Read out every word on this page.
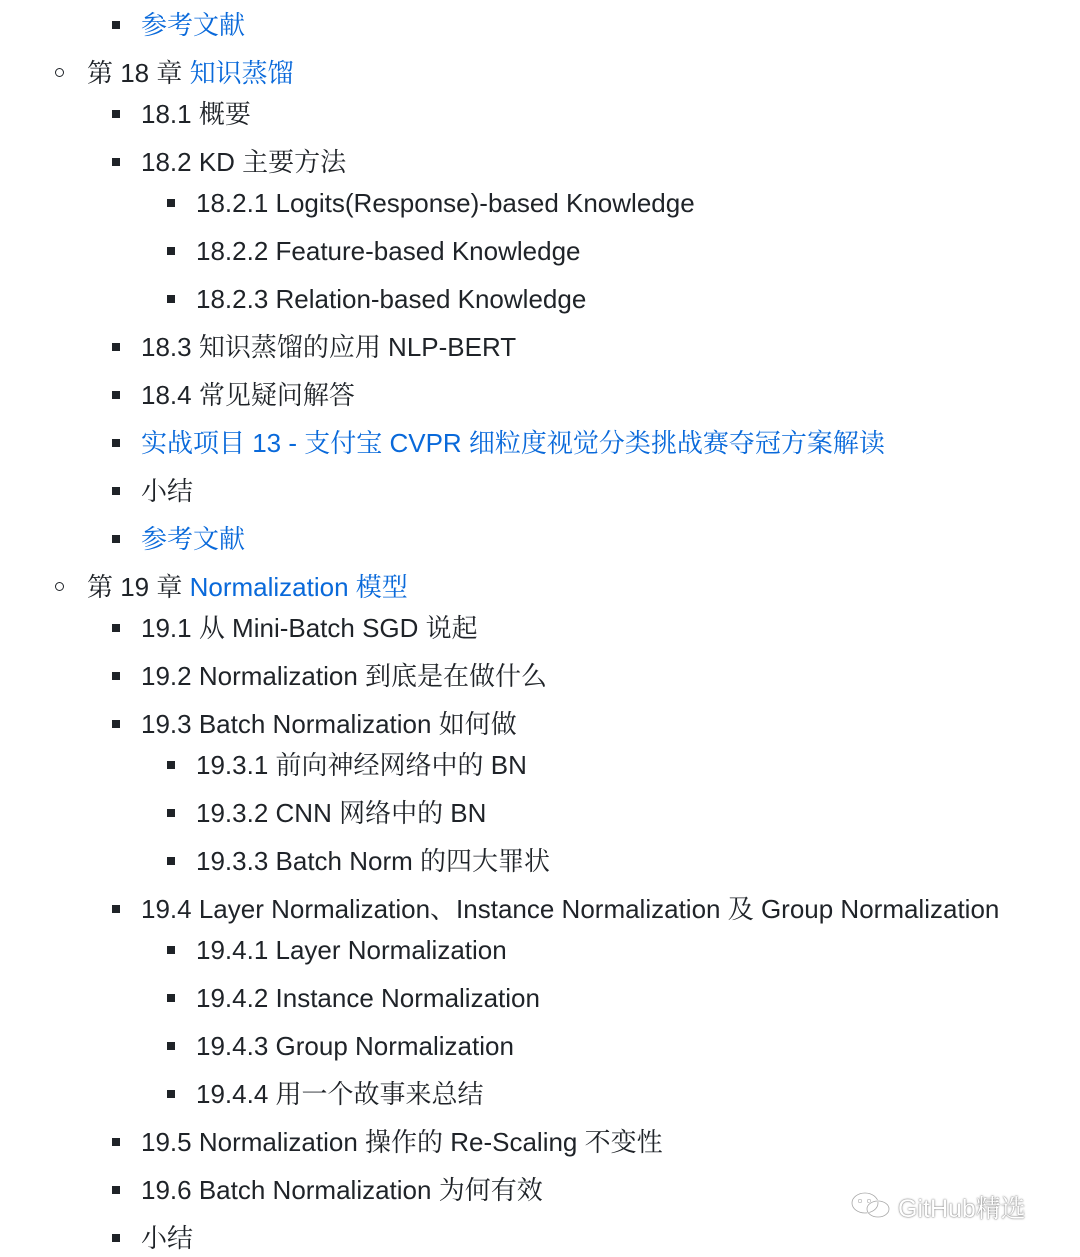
参考文献
第 18 章 知识蒸馏
18.1 概要
18.2 KD 主要方法
18.2.1 Logits(Response)-based Knowledge
18.2.2 Feature-based Knowledge
18.2.3 Relation-based Knowledge
18.3 知识蒸馏的应用 NLP-BERT
18.4 常见疑问解答
实战项目 13 - 支付宝 CVPR 细粒度视觉分类挑战赛夺冠方案解读
小结
参考文献
第 19 章 Normalization 模型
19.1 从 Mini-Batch SGD 说起
19.2 Normalization 到底是在做什么
19.3 Batch Normalization 如何做
19.3.1 前向神经网络中的 BN
19.3.2 CNN 网络中的 BN
19.3.3 Batch Norm 的四大罪状
19.4 Layer Normalization、Instance Normalization 及 Group Normalization
19.4.1 Layer Normalization
19.4.2 Instance Normalization
19.4.3 Group Normalization
19.4.4 用一个故事来总结
19.5 Normalization 操作的 Re-Scaling 不变性
19.6 Batch Normalization 为何有效
小结
GitHub精选
